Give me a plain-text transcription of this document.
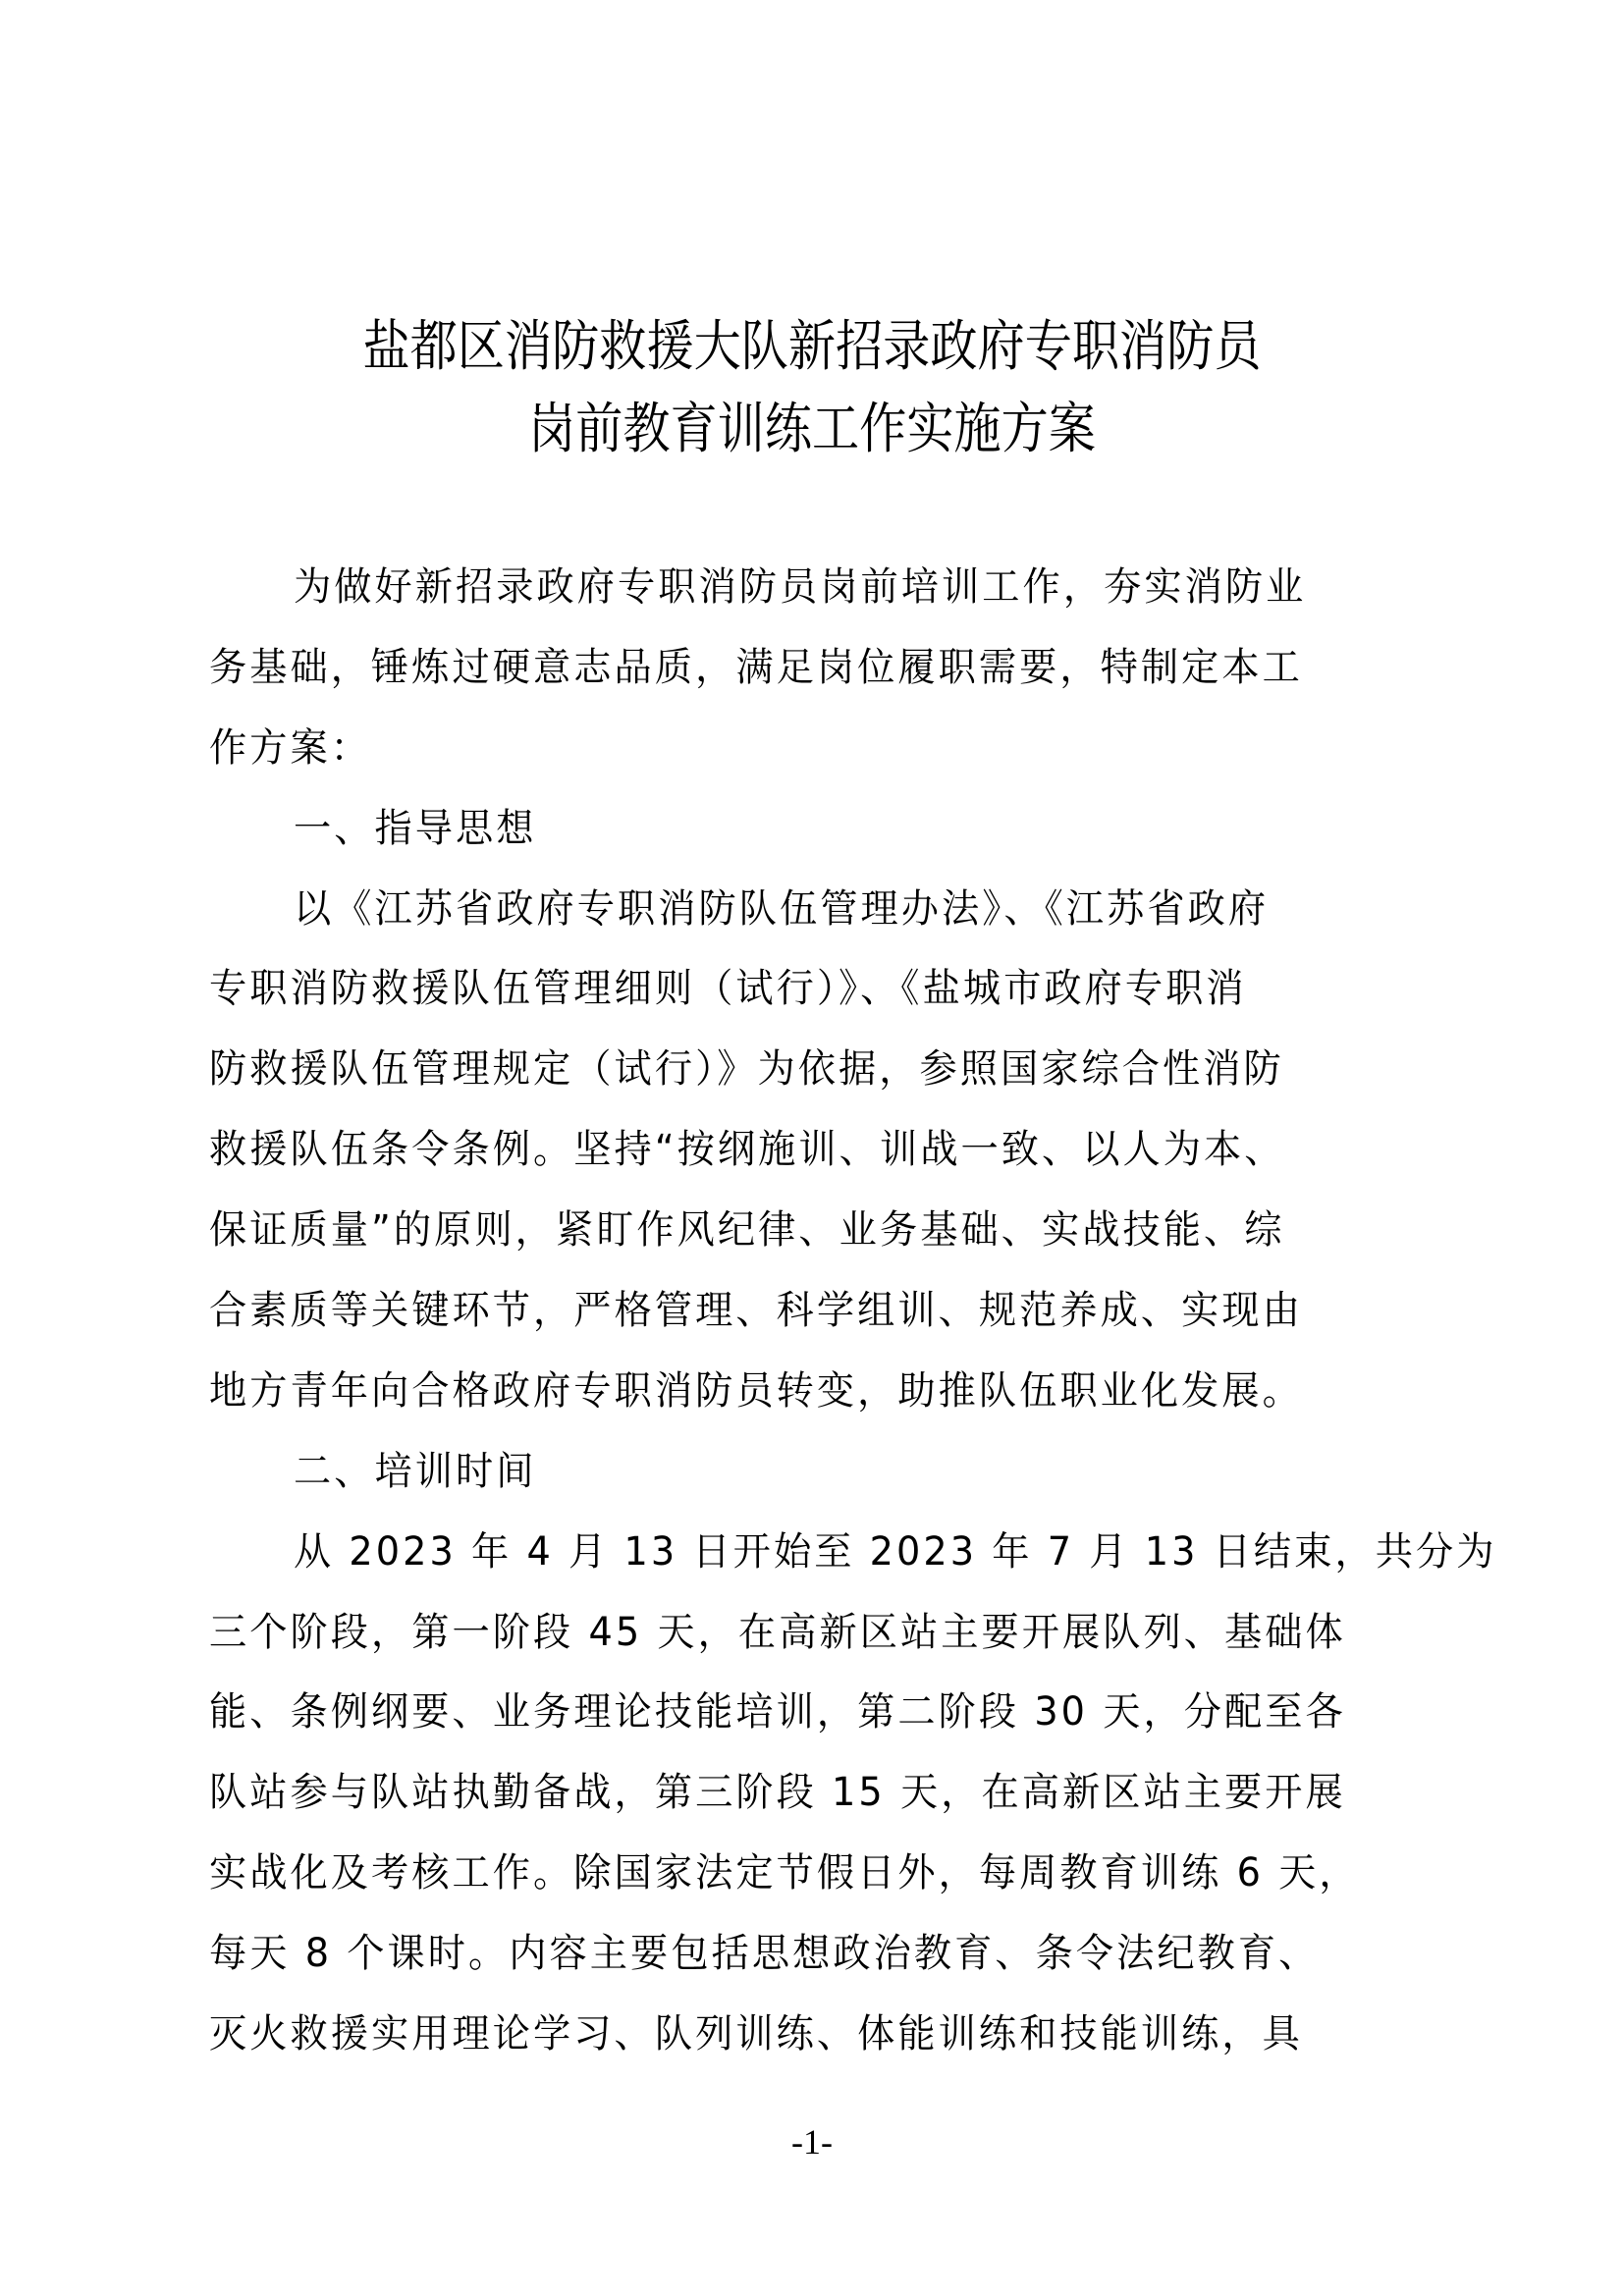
盐都区消防救援大队新招录政府专职消防员
岗前教育训练工作实施方案
为做好新招录政府专职消防员岗前培训工作，夯实消防业
务基础，锤炼过硬意志品质，满足岗位履职需要，特制定本工
作方案：
一、指导思想
以《江苏省政府专职消防队伍管理办法》、《江苏省政府
专职消防救援队伍管理细则（试行）》、《盐城市政府专职消
防救援队伍管理规定（试行）》为依据，参照国家综合性消防
救援队伍条令条例。坚持“按纲施训、训战一致、以人为本、
保证质量”的原则，紧盯作风纪律、业务基础、实战技能、综
合素质等关键环节，严格管理、科学组训、规范养成、实现由
地方青年向合格政府专职消防员转变，助推队伍职业化发展。
二、培训时间
从 2023 年 4 月 13 日开始至 2023 年 7 月 13 日结束，共分为
三个阶段，第一阶段 45 天，在高新区站主要开展队列、基础体
能、条例纲要、业务理论技能培训，第二阶段 30 天，分配至各
队站参与队站执勤备战，第三阶段 15 天，在高新区站主要开展
实战化及考核工作。除国家法定节假日外，每周教育训练 6 天，
每天 8 个课时。内容主要包括思想政治教育、条令法纪教育、
灭火救援实用理论学习、队列训练、体能训练和技能训练，具
-1-
